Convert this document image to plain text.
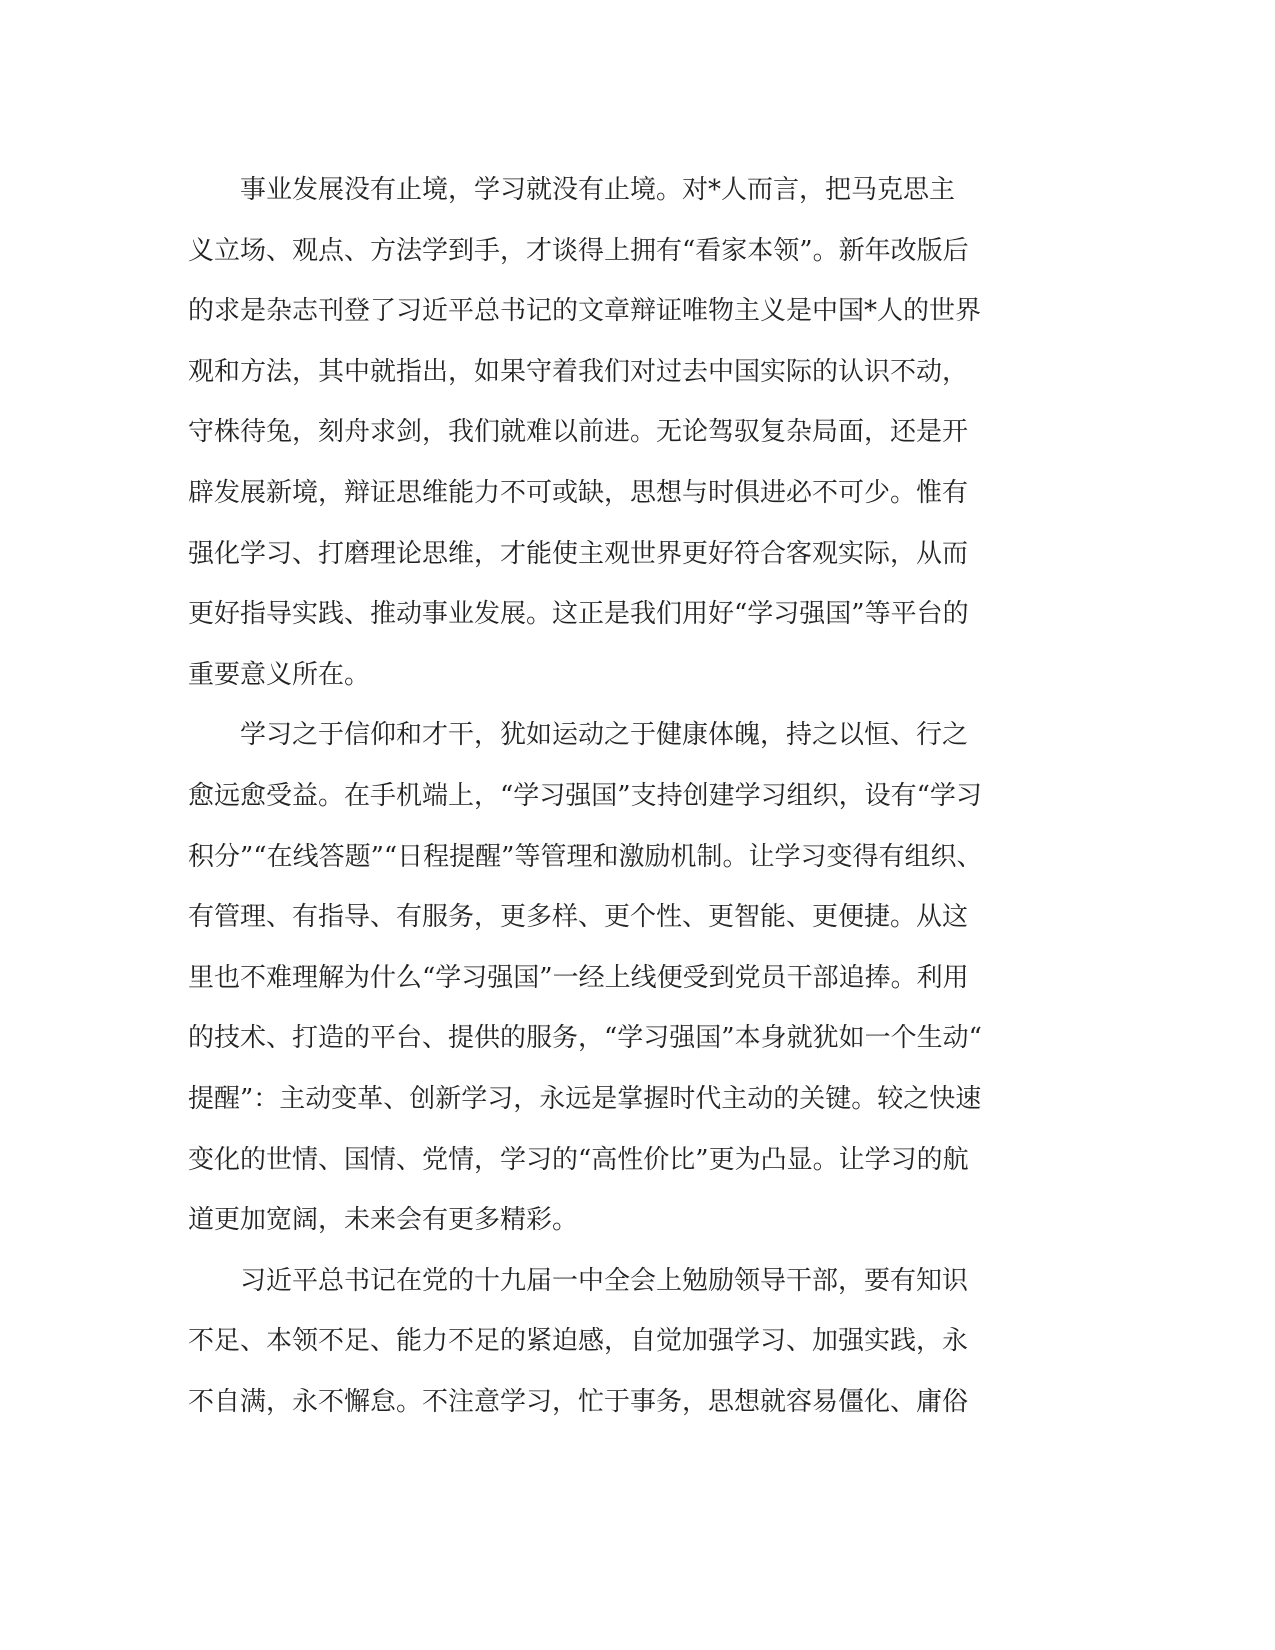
　　事业发展没有止境，学习就没有止境。对*人而言，把马克思主
义立场、观点、方法学到手，才谈得上拥有“看家本领”。新年改版后
的求是杂志刊登了习近平总书记的文章辩证唯物主义是中国*人的世界
观和方法，其中就指出，如果守着我们对过去中国实际的认识不动，
守株待兔，刻舟求剑，我们就难以前进。无论驾驭复杂局面，还是开
辟发展新境，辩证思维能力不可或缺，思想与时俱进必不可少。惟有
强化学习、打磨理论思维，才能使主观世界更好符合客观实际，从而
更好指导实践、推动事业发展。这正是我们用好“学习强国”等平台的
重要意义所在。
　　学习之于信仰和才干，犹如运动之于健康体魄，持之以恒、行之
愈远愈受益。在手机端上，“学习强国”支持创建学习组织，设有“学习
积分”“在线答题”“日程提醒”等管理和激励机制。让学习变得有组织、
有管理、有指导、有服务，更多样、更个性、更智能、更便捷。从这
里也不难理解为什么“学习强国”一经上线便受到党员干部追捧。利用
的技术、打造的平台、提供的服务，“学习强国”本身就犹如一个生动“
提醒”：主动变革、创新学习，永远是掌握时代主动的关键。较之快速
变化的世情、国情、党情，学习的“高性价比”更为凸显。让学习的航
道更加宽阔，未来会有更多精彩。
　　习近平总书记在党的十九届一中全会上勉励领导干部，要有知识
不足、本领不足、能力不足的紧迫感，自觉加强学习、加强实践，永
不自满，永不懈怠。不注意学习，忙于事务，思想就容易僵化、庸俗
